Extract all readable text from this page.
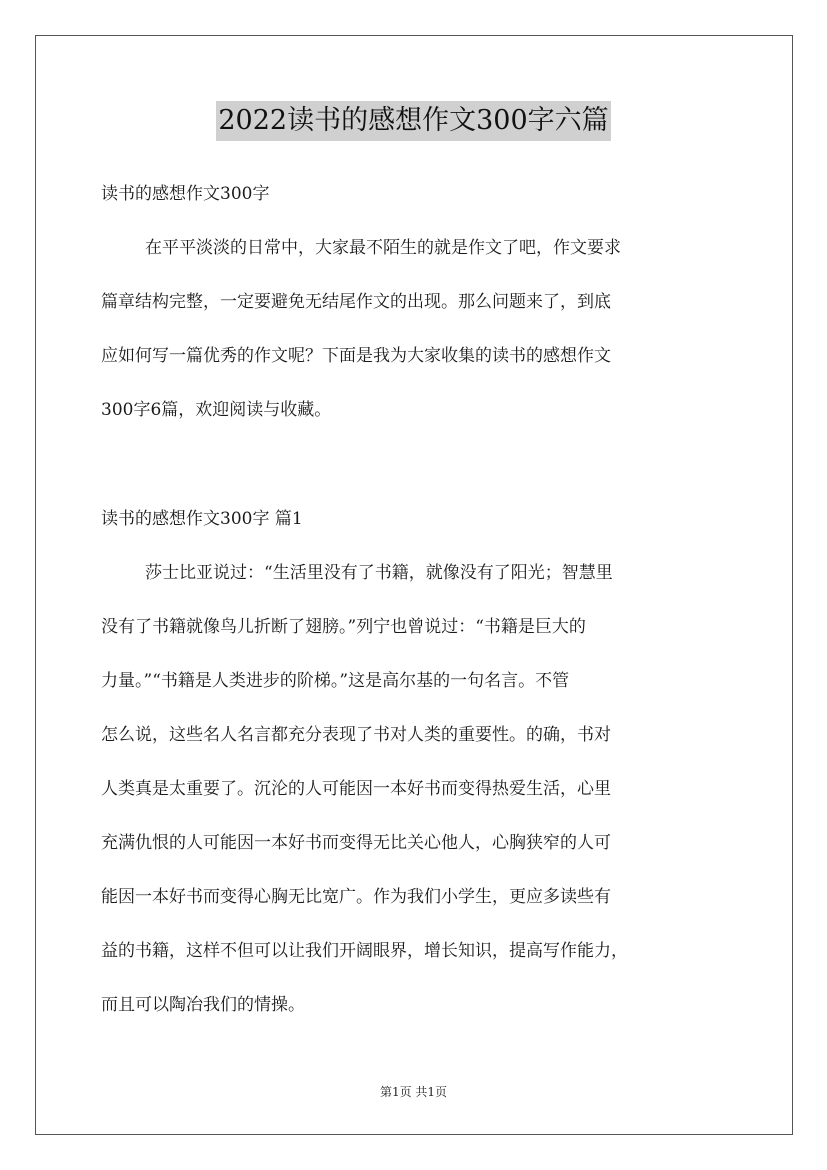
2022读书的感想作文300字六篇
读书的感想作文300字
在平平淡淡的日常中，大家最不陌生的就是作文了吧，作文要求
篇章结构完整，一定要避免无结尾作文的出现。那么问题来了，到底
应如何写一篇优秀的作文呢？下面是我为大家收集的读书的感想作文
300字6篇，欢迎阅读与收藏。
读书的感想作文300字 篇1
莎士比亚说过：“生活里没有了书籍，就像没有了阳光；智慧里
没有了书籍就像鸟儿折断了翅膀。”列宁也曾说过：“书籍是巨大的
力量。”“书籍是人类进步的阶梯。”这是高尔基的一句名言。不管
怎么说，这些名人名言都充分表现了书对人类的重要性。的确，书对
人类真是太重要了。沉沦的人可能因一本好书而变得热爱生活，心里
充满仇恨的人可能因一本好书而变得无比关心他人，心胸狭窄的人可
能因一本好书而变得心胸无比宽广。作为我们小学生，更应多读些有
益的书籍，这样不但可以让我们开阔眼界，增长知识，提高写作能力，
而且可以陶冶我们的情操。
第1页 共1页
